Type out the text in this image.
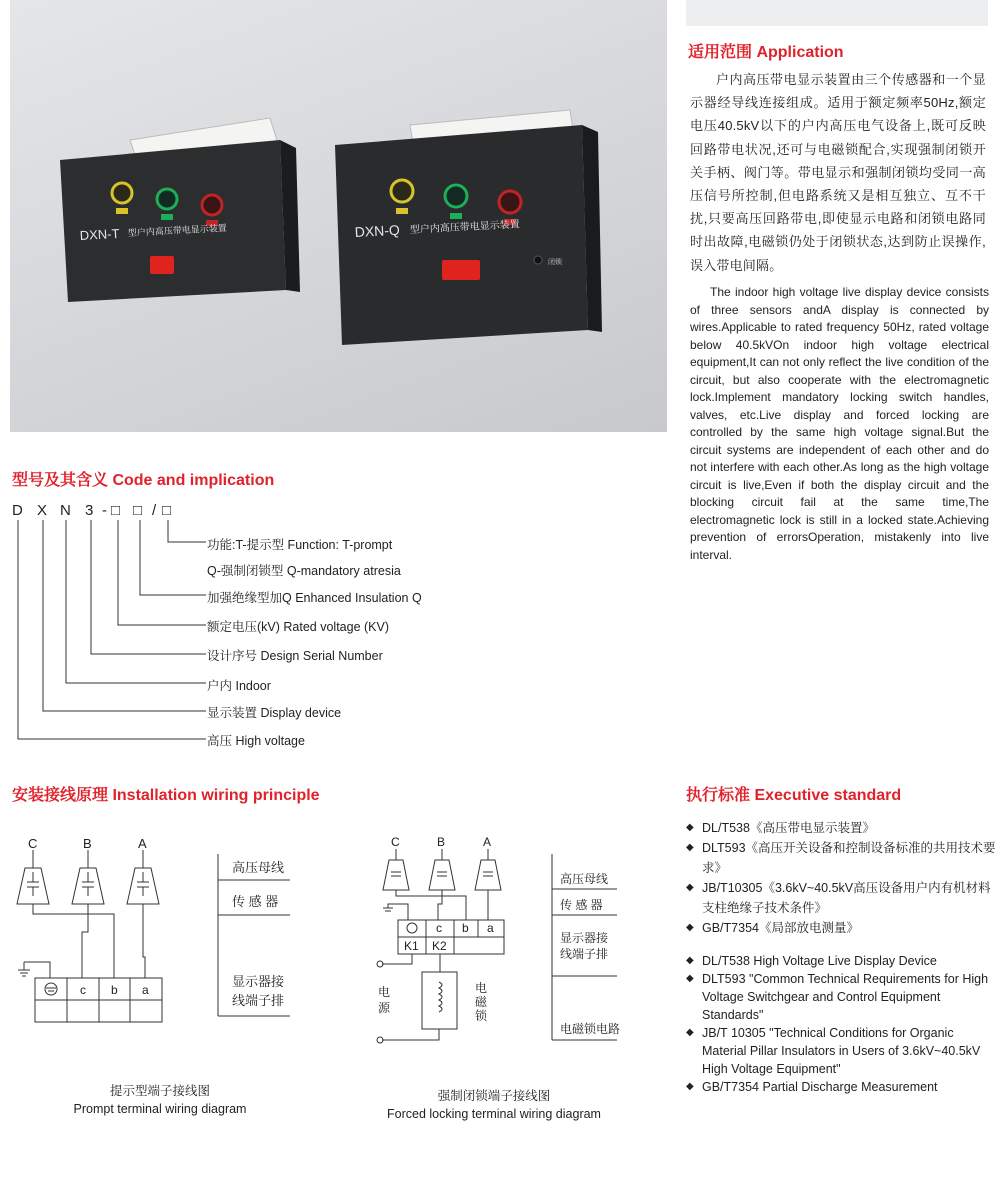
DXN-T 型户内高压带电显示装置	DXN-Q 型户内高压带电显示装置
闭锁
适用范围 Application
户内高压带电显示装置由三个传感器和一个显示器经导线连接组成。适用于额定频率50Hz,额定电压40.5kV以下的户内高压电气设备上,既可反映回路带电状况,还可与电磁锁配合,实现强制闭锁开关手柄、阀门等。带电显示和强制闭锁均受同一高压信号所控制,但电路系统又是相互独立、互不干扰,只要高压回路带电,即使显示电路和闭锁电路同时出故障,电磁锁仍处于闭锁状态,达到防止误操作,误入带电间隔。
The indoor high voltage live display device consists of three sensors andA display is connected by wires.Applicable to rated frequency 50Hz, rated voltage below 40.5kVOn indoor high voltage electrical equipment,It can not only reflect the live condition of the circuit, but also cooperate with the electromagnetic lock.Implement mandatory locking switch handles, valves, etc.Live display and forced locking are controlled by the same high voltage signal.But the circuit systems are independent of each other and do not interfere with each other.As long as the high voltage circuit is live,Even if both the display circuit and the blocking circuit fail at the same time,The electromagnetic lock is still in a locked state.Achieving prevention of errorsOperation, mistakenly into live interval.
型号及其含义 Code and implication
D X N 3 - □ □ / □
功能:T-提示型 Function: T-prompt
Q-强制闭锁型 Q-mandatory atresia
加强绝缘型加Q Enhanced Insulation Q
额定电压(kV) Rated voltage (KV)
设计序号 Design Serial Number
户内 Indoor
显示装置 Display device
高压 High voltage
安装接线原理 Installation wiring principle
C	B	A
c b a
高压母线
传 感 器
显示器接
线端子排
提示型端子接线图
Prompt terminal wiring diagram
C	B	A
c b a
K1 K2
电
源
电
磁
锁
高压母线
传 感 器
显示器接
线端子排
电磁锁电路
强制闭锁端子接线图
Forced locking terminal wiring diagram
执行标准 Executive standard
◆ DL/T538《高压带电显示装置》
◆ DLT593《高压开关设备和控制设备标准的共用技术要求》
◆ JB/T10305《3.6kV~40.5kV高压设备用户内有机材料支柱绝缘子技术条件》
◆ GB/T7354《局部放电测量》
◆ DL/T538 High Voltage Live Display Device
◆ DLT593 "Common Technical Requirements for High Voltage Switchgear and Control Equipment Standards"
◆ JB/T 10305 "Technical Conditions for Organic Material Pillar Insulators in Users of 3.6kV~40.5kV High Voltage Equipment"
◆ GB/T7354 Partial Discharge Measurement
